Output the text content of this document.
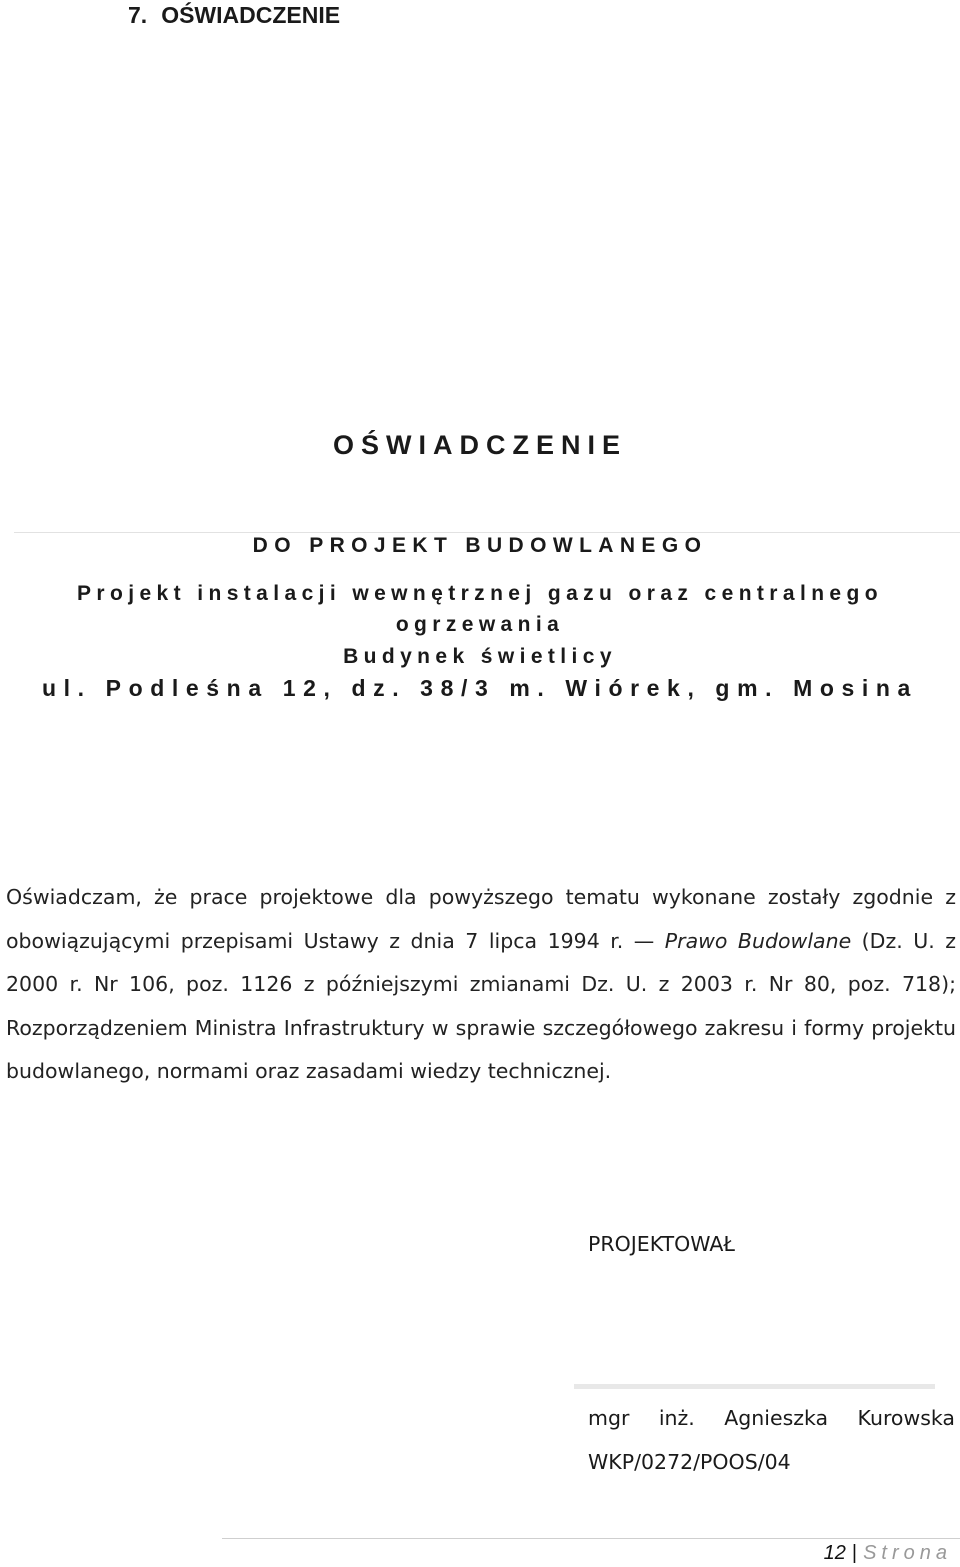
7. OŚWIADCZENIE
OŚWIADCZENIE
DO PROJEKT BUDOWLANEGO
Projekt instalacji wewnętrznej gazu oraz centralnego
ogrzewania
Budynek świetlicy
ul. Podleśna 12, dz. 38/3 m. Wiórek, gm. Mosina
Oświadczam, że prace projektowe dla powyższego tematu wykonane zostały zgodnie z obowiązującymi przepisami Ustawy z dnia 7 lipca 1994 r. — Prawo Budowlane (Dz. U. z 2000 r. Nr 106, poz. 1126 z późniejszymi zmianami Dz. U. z 2003 r. Nr 80, poz. 718); Rozporządzeniem Ministra Infrastruktury w sprawie szczegółowego zakresu i formy projektu budowlanego, normami oraz zasadami wiedzy technicznej.
PROJEKTOWAŁ
mgr inż. Agnieszka Kurowska
WKP/0272/POOS/04
12 | Strona
